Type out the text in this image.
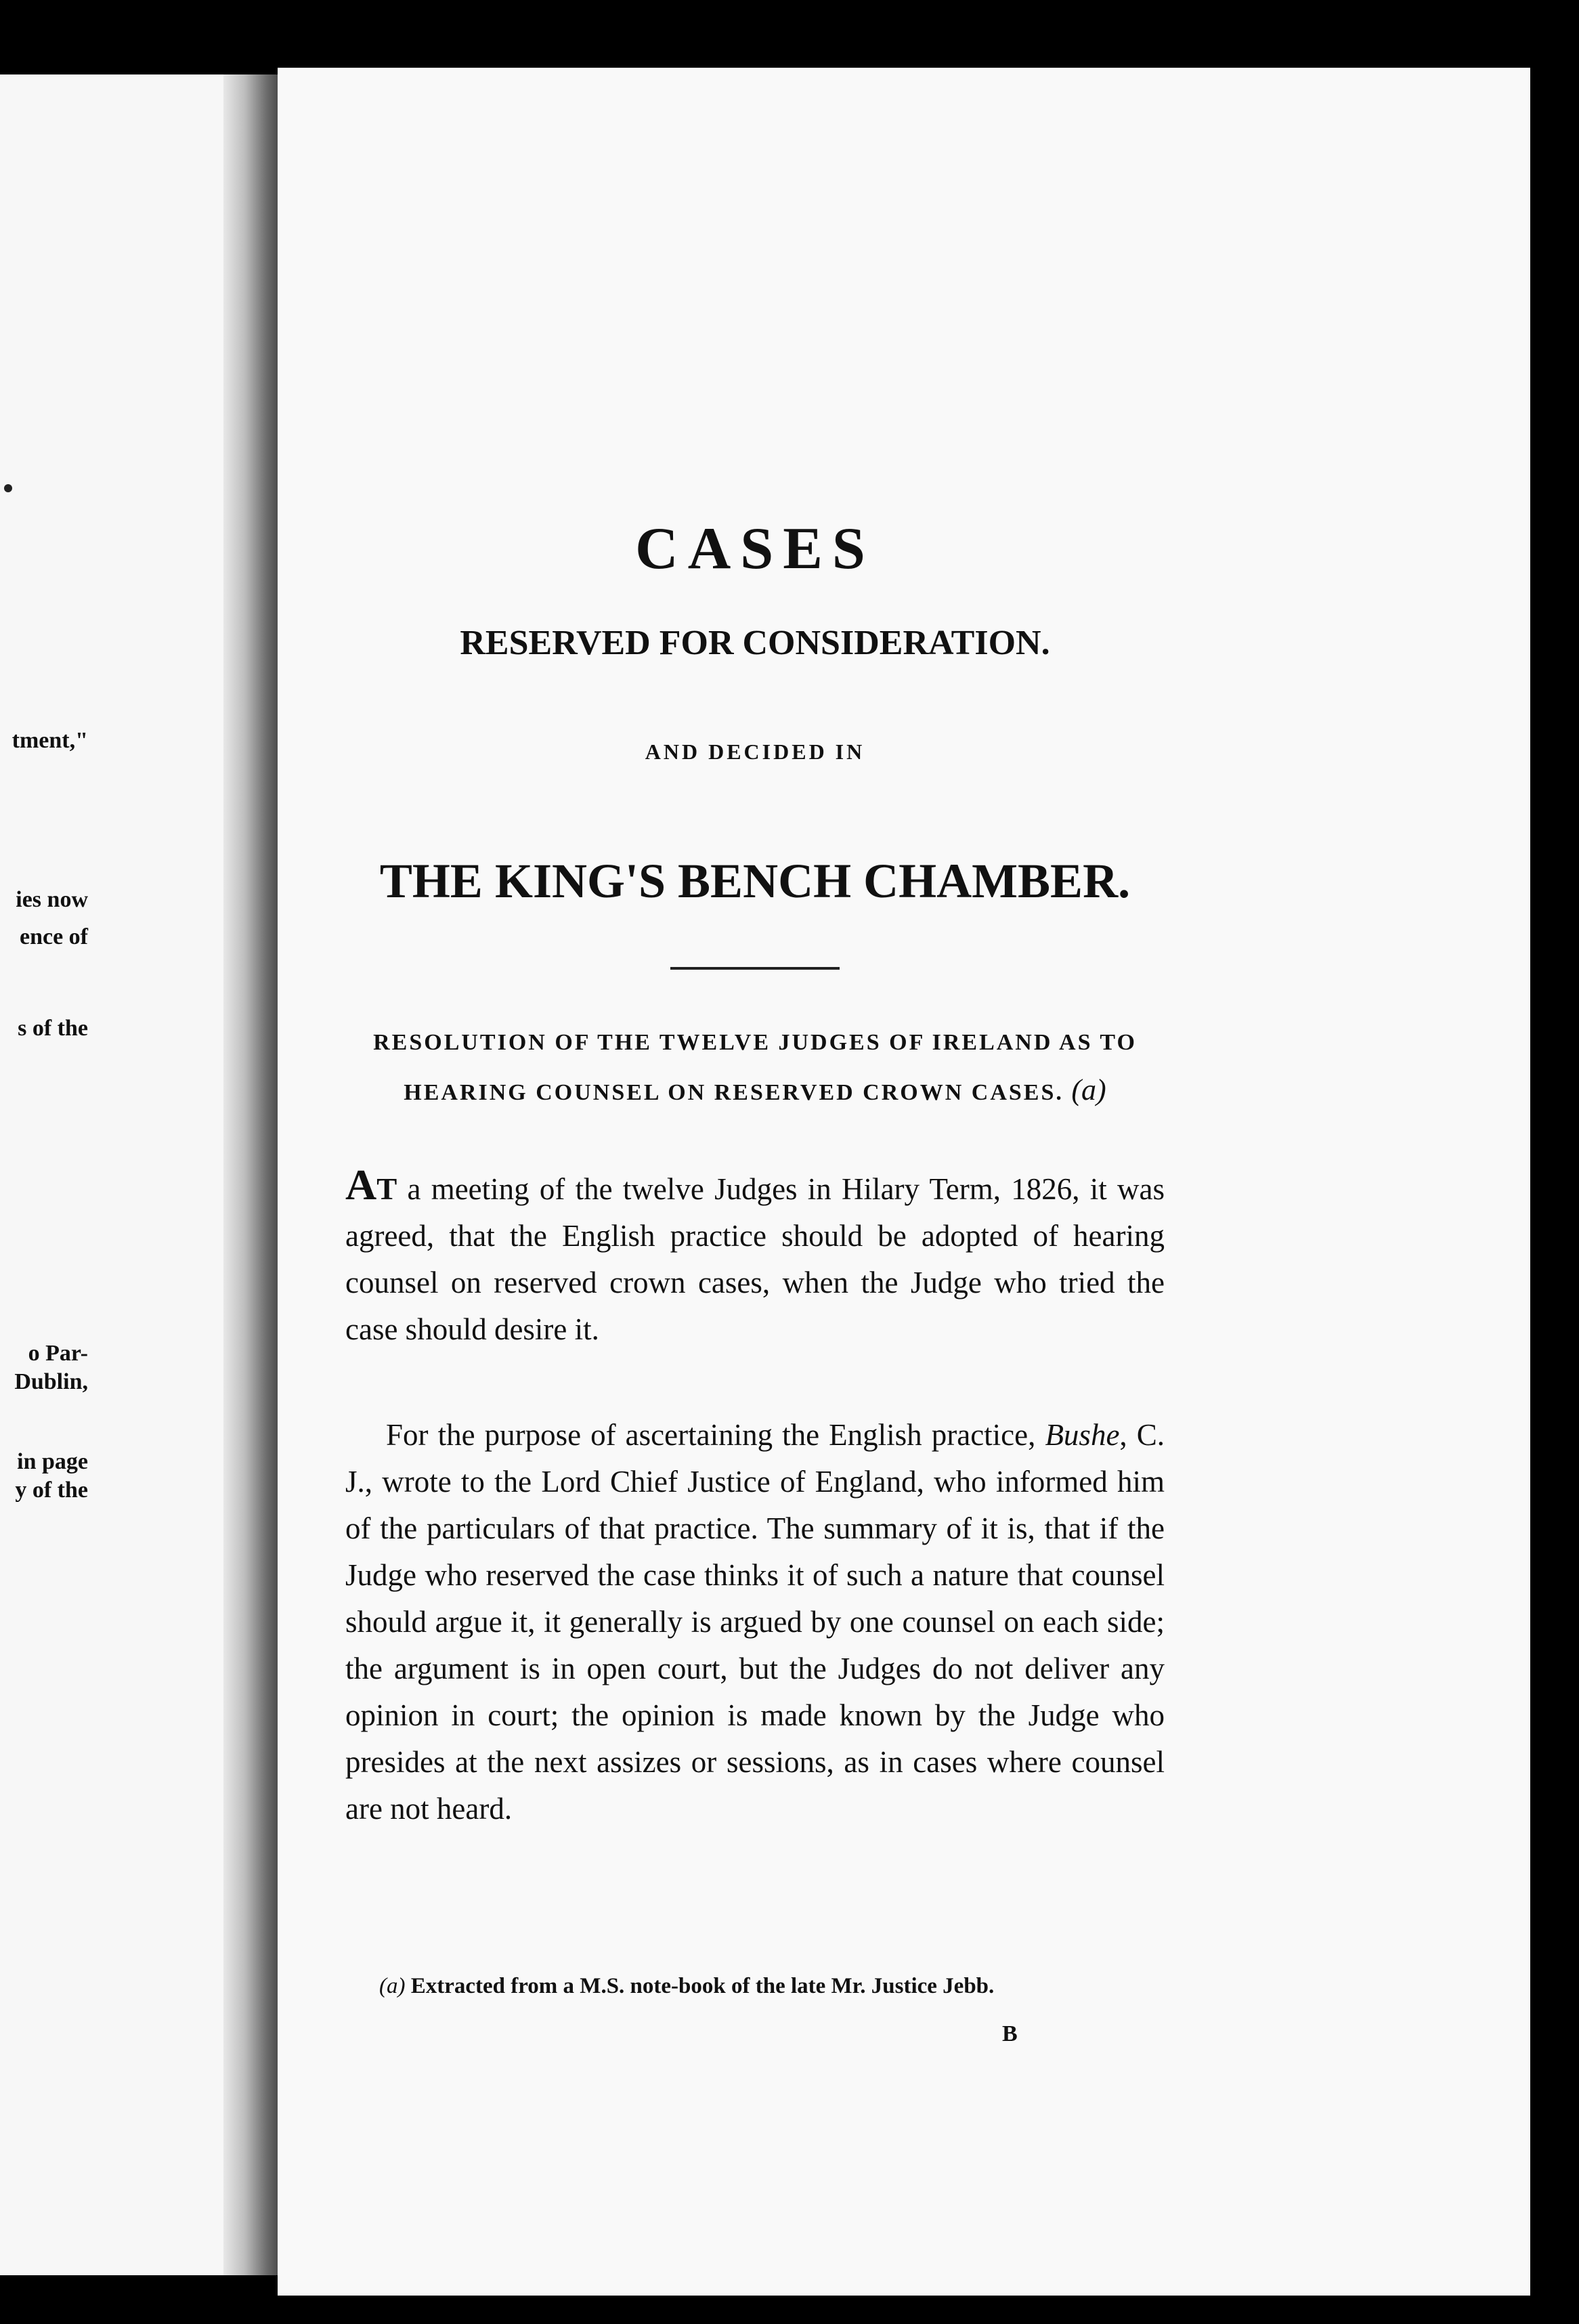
tment,"
ies now
ence of
s of the
o Par-
Dublin,
in page
y of the
CASES
RESERVED FOR CONSIDERATION.

AND DECIDED IN

THE KING'S BENCH CHAMBER.

RESOLUTION OF THE TWELVE JUDGES OF IRELAND AS TO
HEARING COUNSEL ON RESERVED CROWN CASES. (a)

AT a meeting of the twelve Judges in Hilary Term, 1826, it was agreed, that the English practice should be adopted of hearing counsel on reserved crown cases, when the Judge who tried the case should desire it.

For the purpose of ascertaining the English practice, Bushe, C. J., wrote to the Lord Chief Justice of England, who informed him of the particulars of that practice. The summary of it is, that if the Judge who reserved the case thinks it of such a nature that counsel should argue it, it generally is argued by one counsel on each side; the argument is in open court, but the Judges do not deliver any opinion in court; the opinion is made known by the Judge who presides at the next assizes or sessions, as in cases where counsel are not heard.

(a) Extracted from a M.S. note-book of the late Mr. Justice Jebb.

B
